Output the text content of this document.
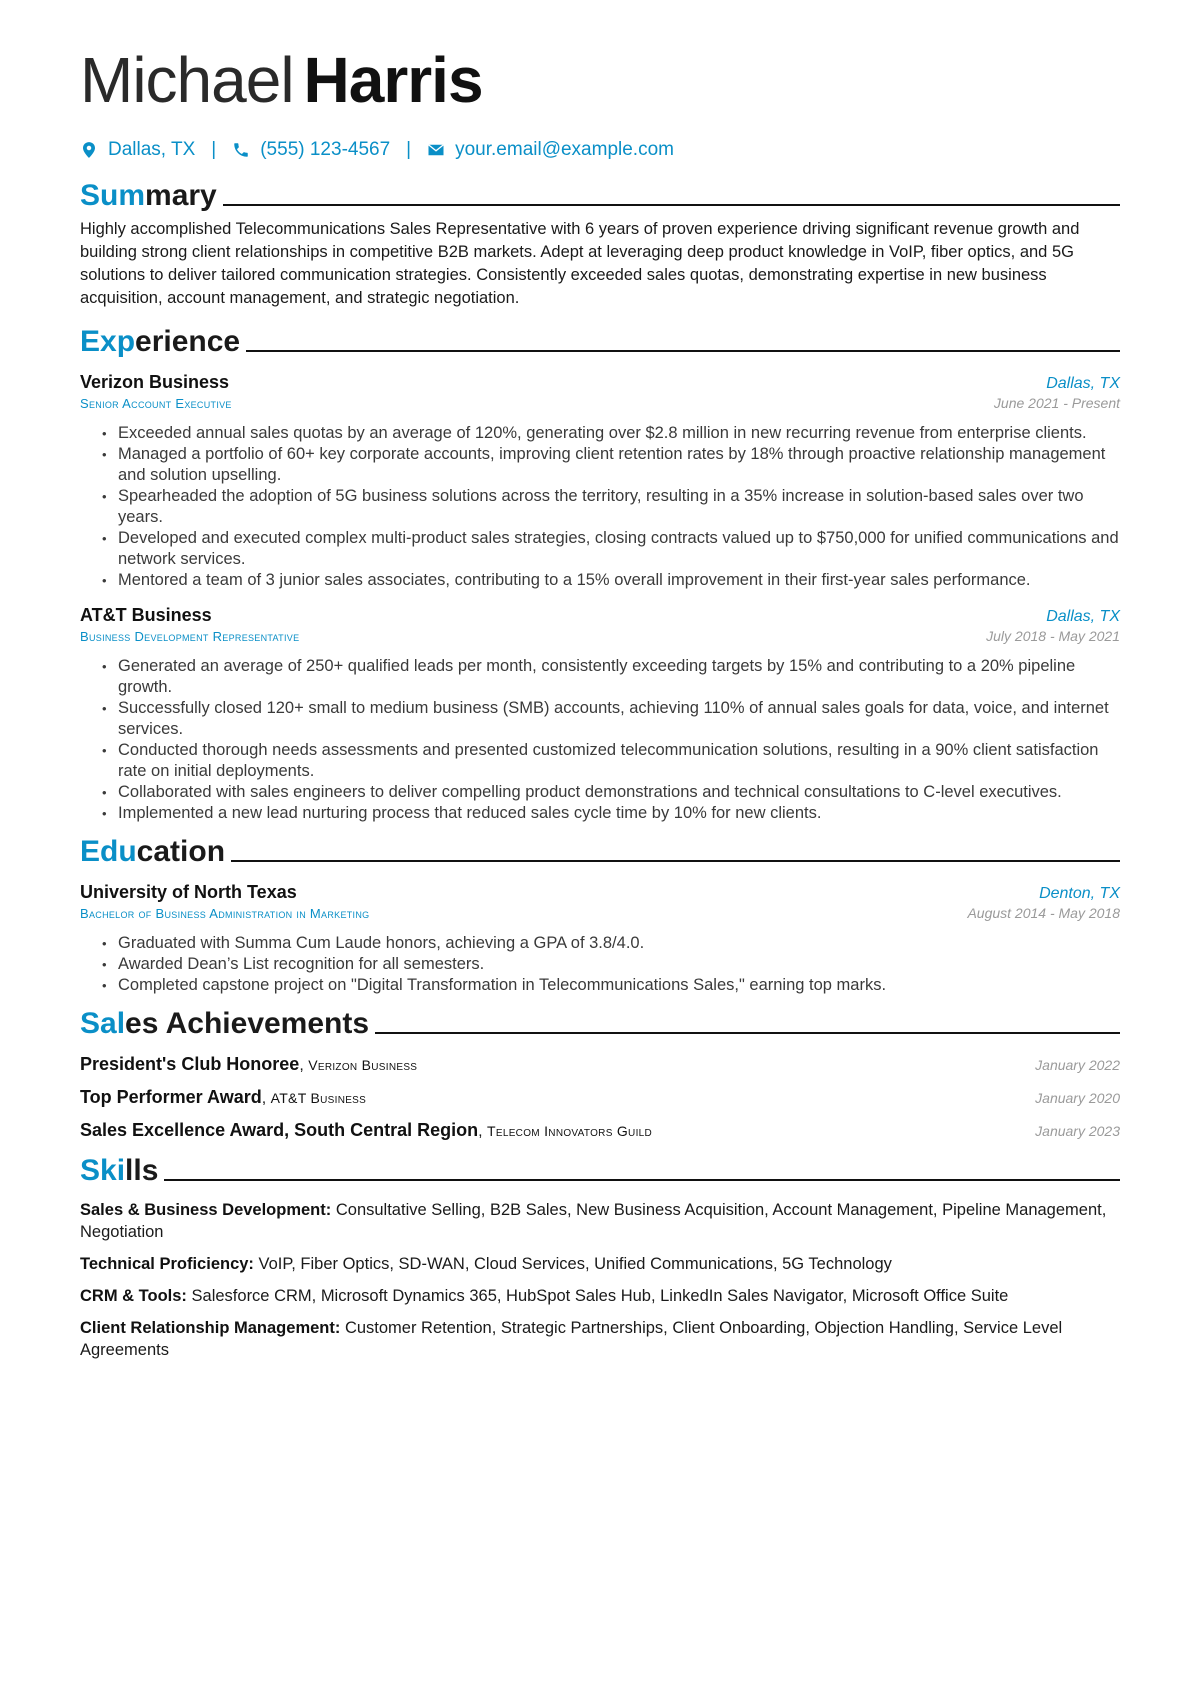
Michael Harris
Dallas, TX | (555) 123-4567 | your.email@example.com
Summary

Highly accomplished Telecommunications Sales Representative with 6 years of proven experience driving significant revenue growth and building strong client relationships in competitive B2B markets. Adept at leveraging deep product knowledge in VoIP, fiber optics, and 5G solutions to deliver tailored communication strategies. Consistently exceeded sales quotas, demonstrating expertise in new business acquisition, account management, and strategic negotiation.

Experience
Verizon Business	Dallas, TX
Senior Account Executive	June 2021 - Present
• Exceeded annual sales quotas by an average of 120%, generating over $2.8 million in new recurring revenue from enterprise clients.
• Managed a portfolio of 60+ key corporate accounts, improving client retention rates by 18% through proactive relationship management and solution upselling.
• Spearheaded the adoption of 5G business solutions across the territory, resulting in a 35% increase in solution-based sales over two years.
• Developed and executed complex multi-product sales strategies, closing contracts valued up to $750,000 for unified communications and network services.
• Mentored a team of 3 junior sales associates, contributing to a 15% overall improvement in their first-year sales performance.
AT&T Business	Dallas, TX
Business Development Representative	July 2018 - May 2021
• Generated an average of 250+ qualified leads per month, consistently exceeding targets by 15% and contributing to a 20% pipeline growth.
• Successfully closed 120+ small to medium business (SMB) accounts, achieving 110% of annual sales goals for data, voice, and internet services.
• Conducted thorough needs assessments and presented customized telecommunication solutions, resulting in a 90% client satisfaction rate on initial deployments.
• Collaborated with sales engineers to deliver compelling product demonstrations and technical consultations to C-level executives.
• Implemented a new lead nurturing process that reduced sales cycle time by 10% for new clients.
Education
University of North Texas	Denton, TX
Bachelor of Business Administration in Marketing	August 2014 - May 2018
• Graduated with Summa Cum Laude honors, achieving a GPA of 3.8/4.0.
• Awarded Dean’s List recognition for all semesters.
• Completed capstone project on "Digital Transformation in Telecommunications Sales," earning top marks.
Sales Achievements
President's Club Honoree, Verizon Business	January 2022
Top Performer Award, AT&T Business	January 2020
Sales Excellence Award, South Central Region, Telecom Innovators Guild	January 2023
Skills
Sales & Business Development: Consultative Selling, B2B Sales, New Business Acquisition, Account Management, Pipeline Management, Negotiation
Technical Proficiency: VoIP, Fiber Optics, SD-WAN, Cloud Services, Unified Communications, 5G Technology
CRM & Tools: Salesforce CRM, Microsoft Dynamics 365, HubSpot Sales Hub, LinkedIn Sales Navigator, Microsoft Office Suite
Client Relationship Management: Customer Retention, Strategic Partnerships, Client Onboarding, Objection Handling, Service Level Agreements
